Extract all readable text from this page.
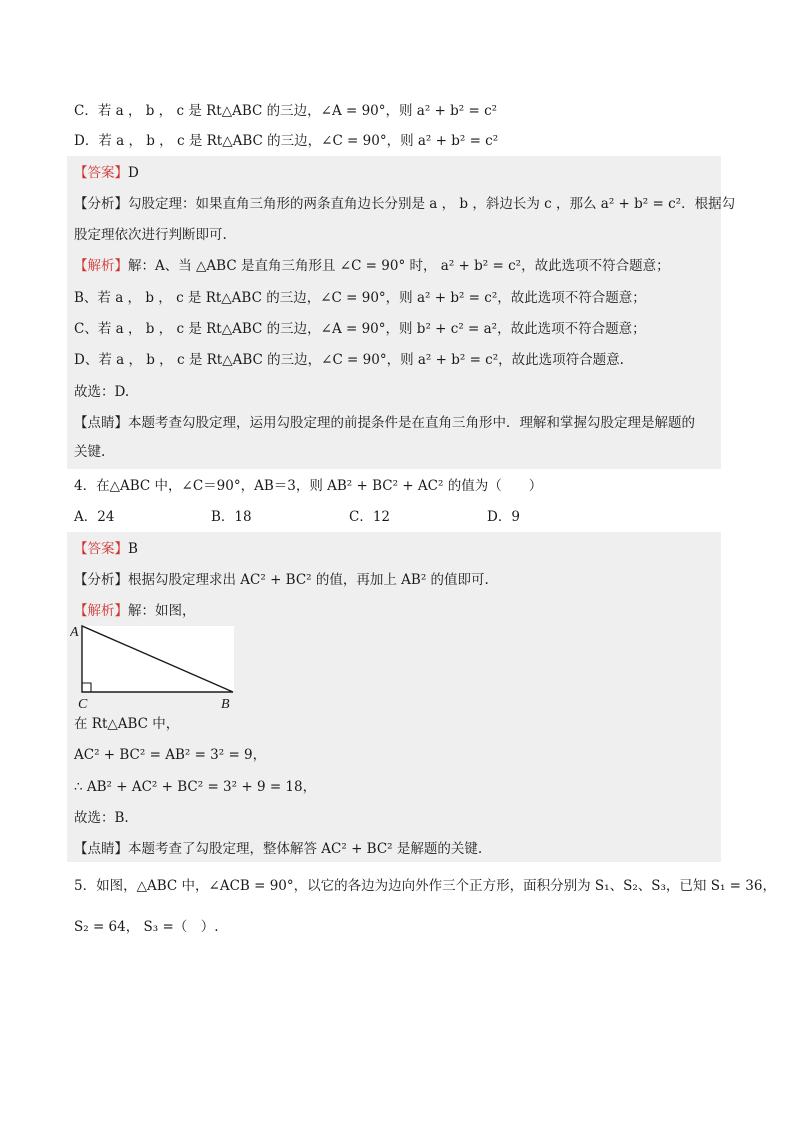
C．若 a ， b ， c 是 Rt△ABC 的三边，∠A = 90°，则 a² + b² = c²
D．若 a ， b ， c 是 Rt△ABC 的三边，∠C = 90°，则 a² + b² = c²
【答案】D
【分析】勾股定理：如果直角三角形的两条直角边长分别是 a ， b ，斜边长为 c ，那么 a² + b² = c²．根据勾
股定理依次进行判断即可.
【解析】解：A、当 △ABC 是直角三角形且 ∠C = 90° 时， a² + b² = c²，故此选项不符合题意；
B、若 a ， b ， c 是 Rt△ABC 的三边，∠C = 90°，则 a² + b² = c²，故此选项不符合题意；
C、若 a ， b ， c 是 Rt△ABC 的三边，∠A = 90°，则 b² + c² = a²，故此选项不符合题意；
D、若 a ， b ， c 是 Rt△ABC 的三边，∠C = 90°，则 a² + b² = c²，故此选项符合题意.
故选：D.
【点睛】本题考查勾股定理，运用勾股定理的前提条件是在直角三角形中．理解和掌握勾股定理是解题的
关键.
4．在△ABC 中，∠C＝90°，AB＝3，则 AB² + BC² + AC² 的值为（　　）
A．24	B．18	C．12	D．9
【答案】B
【分析】根据勾股定理求出 AC² + BC² 的值，再加上 AB² 的值即可.
【解析】解：如图，
A
C	B
在 Rt△ABC 中，
AC² + BC² = AB² = 3² = 9，
∴ AB² + AC² + BC² = 3² + 9 = 18，
故选：B.
【点睛】本题考查了勾股定理，整体解答 AC² + BC² 是解题的关键.
5．如图，△ABC 中，∠ACB = 90°，以它的各边为边向外作三个正方形，面积分别为 S₁、S₂、S₃，已知 S₁ = 36，
S₂ = 64， S₃ =（　）.
